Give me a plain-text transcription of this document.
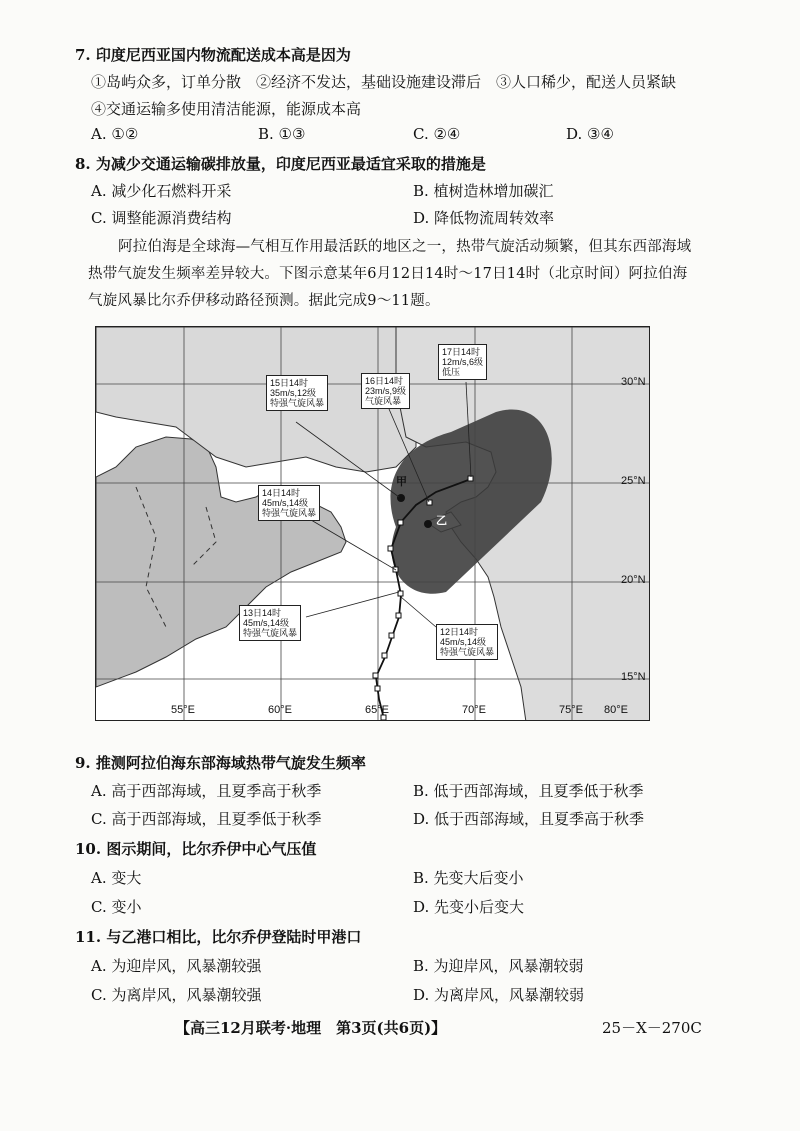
7. 印度尼西亚国内物流配送成本高是因为
①岛屿众多，订单分散　②经济不发达，基础设施建设滞后　③人口稀少，配送人员紧缺
④交通运输多使用清洁能源，能源成本高
A. ①②	B. ①③	C. ②④	D. ③④
8. 为减少交通运输碳排放量，印度尼西亚最适宜采取的措施是
A. 减少化石燃料开采	B. 植树造林增加碳汇
C. 调整能源消费结构	D. 降低物流周转效率
阿拉伯海是全球海—气相互作用最活跃的地区之一，热带气旋活动频繁，但其东西部海域
热带气旋发生频率差异较大。下图示意某年6月12日14时～17日14时（北京时间）阿拉伯海
气旋风暴比尔乔伊移动路径预测。据此完成9～11题。
30°N
25°N
20°N
15°N
55°E	60°E	65°E	70°E	75°E 80°E
甲
乙
15日14时
35m/s,12级
特强气旋风暴
16日14时
23m/s,9级
气旋风暴
17日14时
12m/s,6级
低压
14日14时
45m/s,14级
特强气旋风暴
13日14时
45m/s,14级
特强气旋风暴	12日14时
45m/s,14级
特强气旋风暴
9. 推测阿拉伯海东部海域热带气旋发生频率
A. 高于西部海域，且夏季高于秋季	B. 低于西部海域，且夏季低于秋季
C. 高于西部海域，且夏季低于秋季	D. 低于西部海域，且夏季高于秋季
10. 图示期间，比尔乔伊中心气压值
A. 变大	B. 先变大后变小
C. 变小	D. 先变小后变大
11. 与乙港口相比，比尔乔伊登陆时甲港口
A. 为迎岸风，风暴潮较强	B. 为迎岸风，风暴潮较弱
C. 为离岸风，风暴潮较强	D. 为离岸风，风暴潮较弱
【高三12月联考·地理　第3页(共6页)】	25－X－270C
